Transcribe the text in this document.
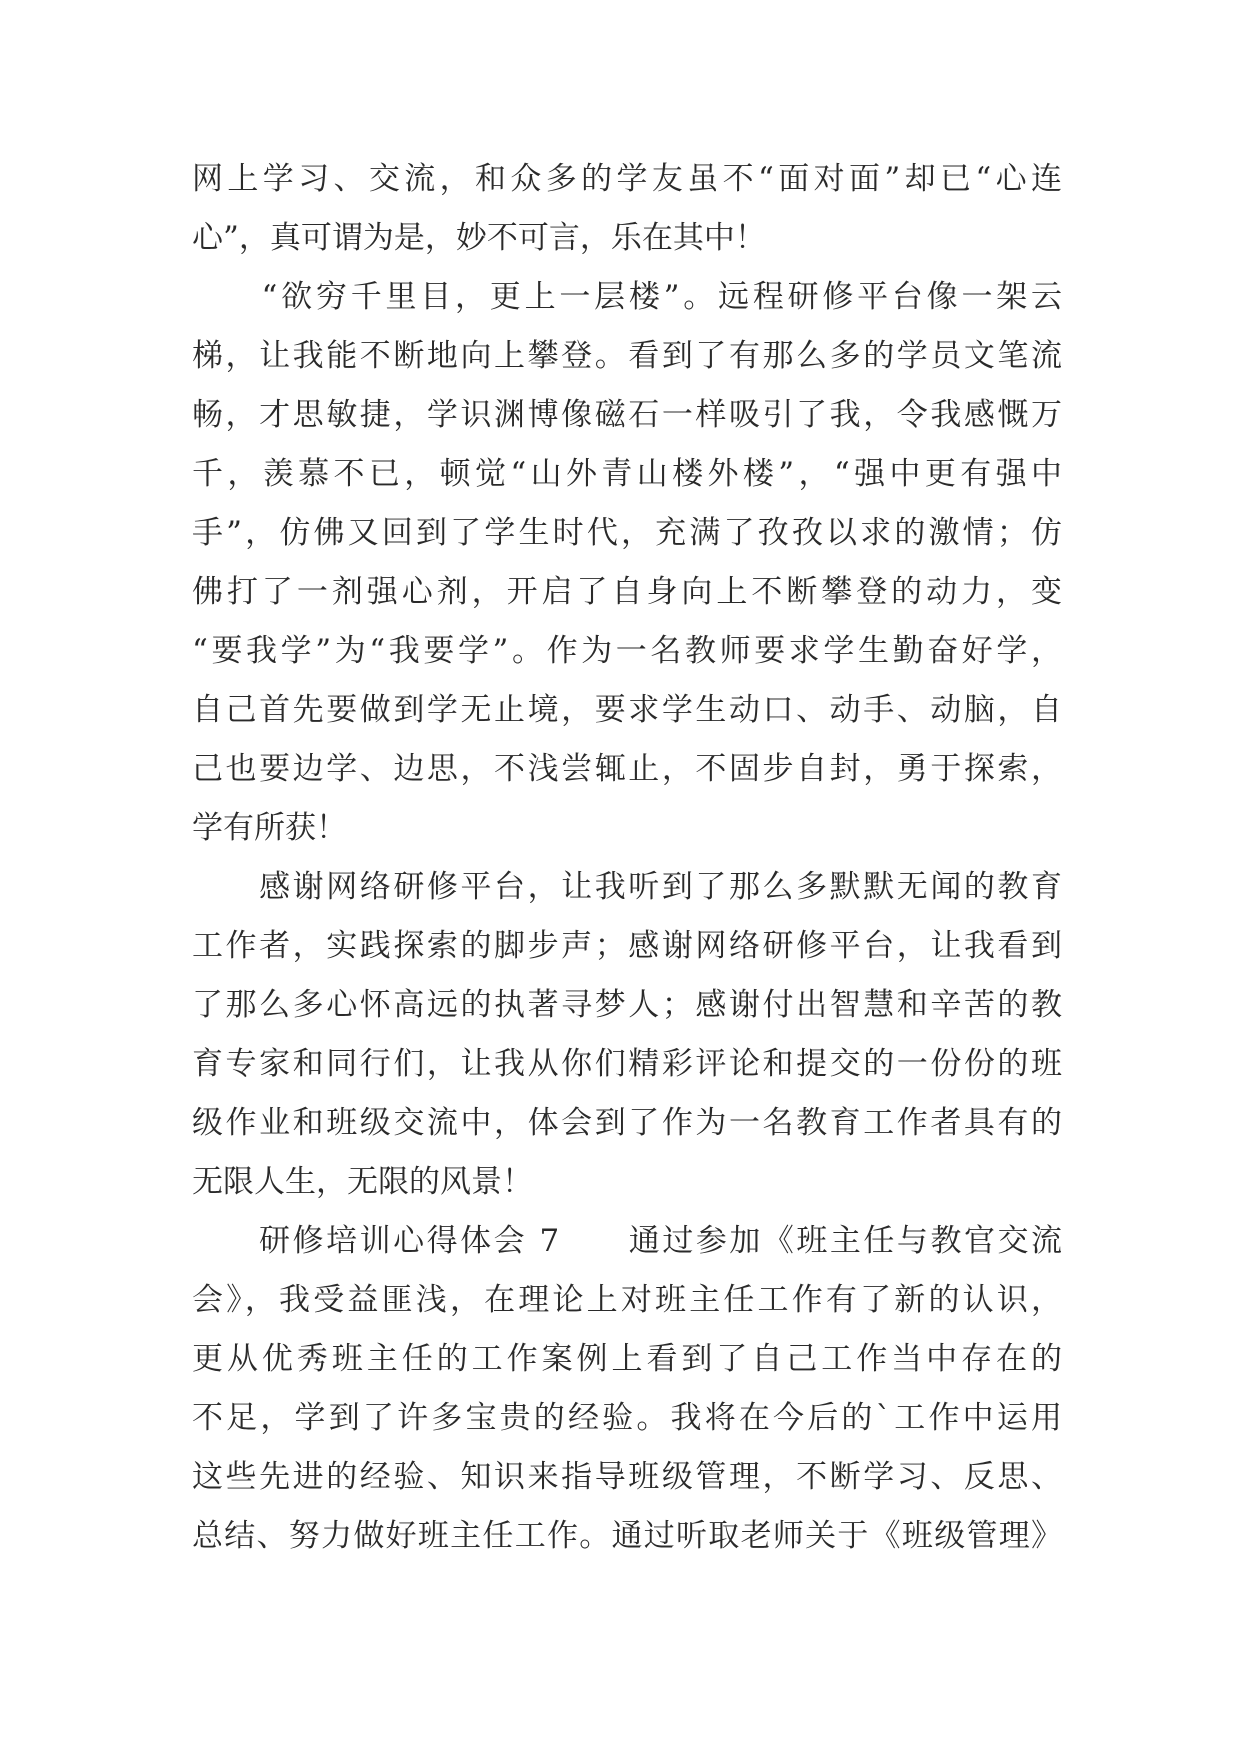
网上学习、交流，和众多的学友虽不“面对面”却已“心连
心”，真可谓为是，妙不可言，乐在其中！
　　“欲穷千里目，更上一层楼”。远程研修平台像一架云
梯，让我能不断地向上攀登。看到了有那么多的学员文笔流
畅，才思敏捷，学识渊博像磁石一样吸引了我，令我感慨万
千，羡慕不已，顿觉“山外青山楼外楼”，“强中更有强中
手”，仿佛又回到了学生时代，充满了孜孜以求的激情；仿
佛打了一剂强心剂，开启了自身向上不断攀登的动力，变
“要我学”为“我要学”。作为一名教师要求学生勤奋好学，
自己首先要做到学无止境，要求学生动口、动手、动脑，自
己也要边学、边思，不浅尝辄止，不固步自封，勇于探索，
学有所获！
　　感谢网络研修平台，让我听到了那么多默默无闻的教育
工作者，实践探索的脚步声；感谢网络研修平台，让我看到
了那么多心怀高远的执著寻梦人；感谢付出智慧和辛苦的教
育专家和同行们，让我从你们精彩评论和提交的一份份的班
级作业和班级交流中，体会到了作为一名教育工作者具有的
无限人生，无限的风景！
　　研修培训心得体会 7　　通过参加《班主任与教官交流
会》，我受益匪浅，在理论上对班主任工作有了新的认识，
更从优秀班主任的工作案例上看到了自己工作当中存在的
不足，学到了许多宝贵的经验。我将在今后的`工作中运用
这些先进的经验、知识来指导班级管理，不断学习、反思、
总结、努力做好班主任工作。通过听取老师关于《班级管理》
